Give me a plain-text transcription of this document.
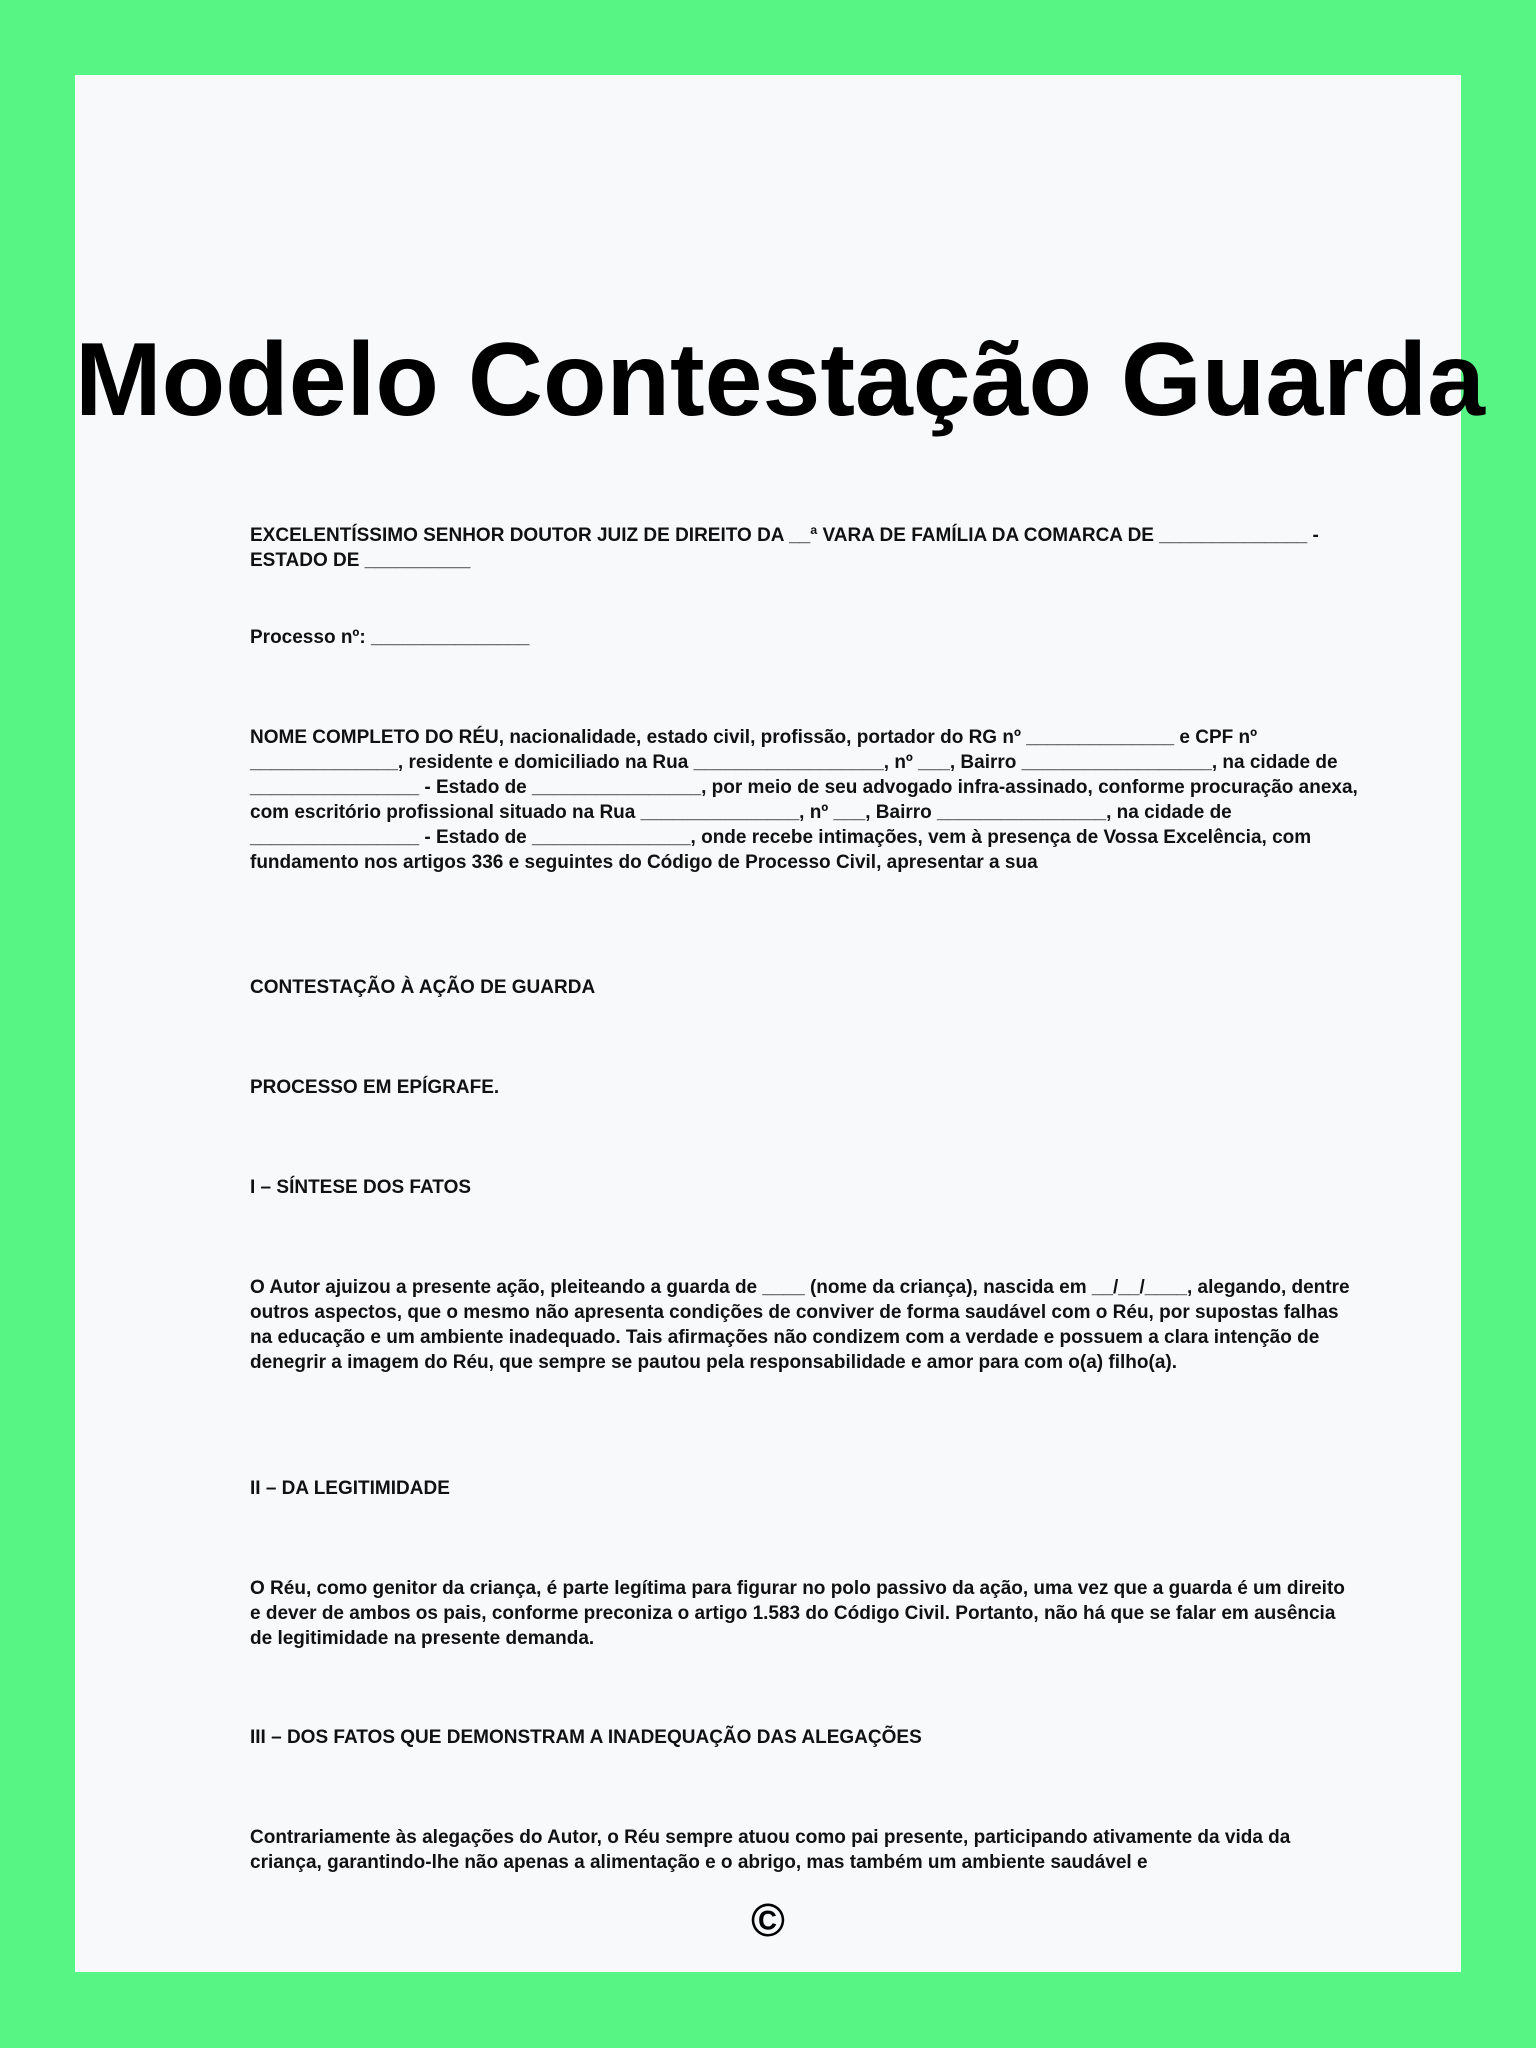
Modelo Contestação Guarda
EXCELENTÍSSIMO SENHOR DOUTOR JUIZ DE DIREITO DA __ª VARA DE FAMÍLIA DA COMARCA DE ______________ - ESTADO DE __________
Processo nº: _______________
NOME COMPLETO DO RÉU, nacionalidade, estado civil, profissão, portador do RG nº ______________ e CPF nº ______________, residente e domiciliado na Rua __________________, nº ___, Bairro __________________, na cidade de ________________ - Estado de ________________, por meio de seu advogado infra-assinado, conforme procuração anexa, com escritório profissional situado na Rua _______________, nº ___, Bairro ________________, na cidade de ________________ - Estado de _______________, onde recebe intimações, vem à presença de Vossa Excelência, com fundamento nos artigos 336 e seguintes do Código de Processo Civil, apresentar a sua
CONTESTAÇÃO À AÇÃO DE GUARDA
PROCESSO EM EPÍGRAFE.
I – SÍNTESE DOS FATOS
O Autor ajuizou a presente ação, pleiteando a guarda de ____ (nome da criança), nascida em __/__/____, alegando, dentre outros aspectos, que o mesmo não apresenta condições de conviver de forma saudável com o Réu, por supostas falhas na educação e um ambiente inadequado. Tais afirmações não condizem com a verdade e possuem a clara intenção de denegrir a imagem do Réu, que sempre se pautou pela responsabilidade e amor para com o(a) filho(a).
II – DA LEGITIMIDADE
O Réu, como genitor da criança, é parte legítima para figurar no polo passivo da ação, uma vez que a guarda é um direito e dever de ambos os pais, conforme preconiza o artigo 1.583 do Código Civil. Portanto, não há que se falar em ausência de legitimidade na presente demanda.
III – DOS FATOS QUE DEMONSTRAM A INADEQUAÇÃO DAS ALEGAÇÕES
Contrariamente às alegações do Autor, o Réu sempre atuou como pai presente, participando ativamente da vida da criança, garantindo-lhe não apenas a alimentação e o abrigo, mas também um ambiente saudável e
©
